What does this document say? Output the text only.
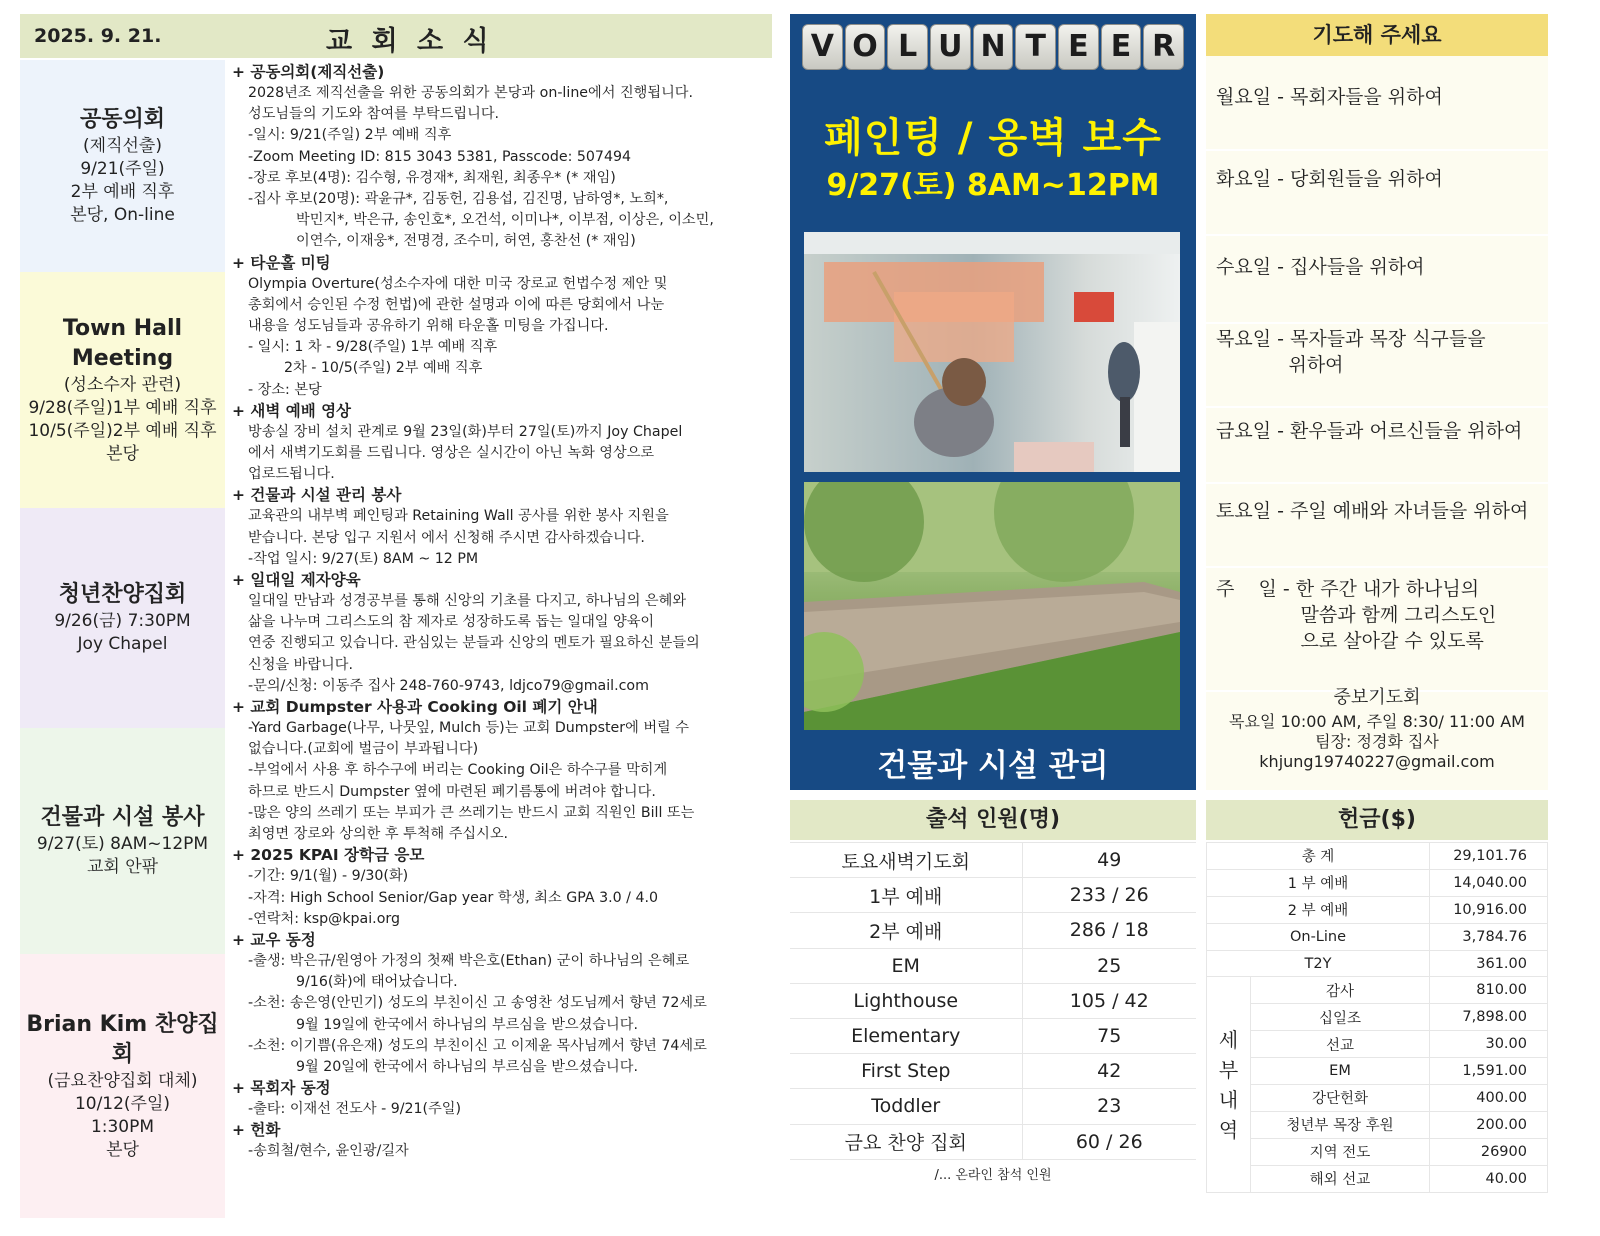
2025. 9. 21.	교 회 소 식
공동의회
(제직선출)
9/21(주일)
2부 예배 직후
본당, On-line
Town Hall Meeting
(성소수자 관련)
9/28(주일)1부 예배 직후
10/5(주일)2부 예배 직후
본당
청년찬양집회
9/26(금) 7:30PM
Joy Chapel
건물과 시설 봉사
9/27(토) 8AM~12PM
교회 안팎
Brian Kim 찬양집회
(금요찬양집회 대체)
10/12(주일)
1:30PM
본당
+ 공동의회(제직선출)
2028년조 제직선출을 위한 공동의회가 본당과 on-line에서 진행됩니다.
성도님들의 기도와 참여를 부탁드립니다.
-일시: 9/21(주일) 2부 예배 직후
-Zoom Meeting ID: 815 3043 5381, Passcode: 507494
-장로 후보(4명): 김수형, 유경재*, 최재원, 최종우* (* 재임)
-집사 후보(20명): 곽윤규*, 김동헌, 김용섭, 김진명, 남하영*, 노희*,
박민지*, 박은규, 송인호*, 오건석, 이미나*, 이부점, 이상은, 이소민,
이연수, 이재웅*, 전명경, 조수미, 허연, 홍찬선 (* 재임)
+ 타운홀 미팅
Olympia Overture(성소수자에 대한 미국 장로교 헌법수정 제안 및
총회에서 승인된 수정 헌법)에 관한 설명과 이에 따른 당회에서 나눈
내용을 성도님들과 공유하기 위해 타운홀 미팅을 가집니다.
- 일시: 1 차 - 9/28(주일) 1부 예배 직후
2차 - 10/5(주일) 2부 예배 직후
- 장소: 본당
+ 새벽 예배 영상
방송실 장비 설치 관계로 9월 23일(화)부터 27일(토)까지 Joy Chapel
에서 새벽기도회를 드립니다. 영상은 실시간이 아닌 녹화 영상으로
업로드됩니다.
+ 건물과 시설 관리 봉사
교육관의 내부벽 페인팅과 Retaining Wall 공사를 위한 봉사 지원을
받습니다. 본당 입구 지원서 에서 신청해 주시면 감사하겠습니다.
-작업 일시: 9/27(토) 8AM ~ 12 PM
+ 일대일 제자양육
일대일 만남과 성경공부를 통해 신앙의 기초를 다지고, 하나님의 은혜와
삶을 나누며 그리스도의 참 제자로 성장하도록 돕는 일대일 양육이
연중 진행되고 있습니다. 관심있는 분들과 신앙의 멘토가 필요하신 분들의
신청을 바랍니다.
-문의/신청: 이동주 집사 248-760-9743, ldjco79@gmail.com
+ 교회 Dumpster 사용과 Cooking Oil 폐기 안내
-Yard Garbage(나무, 나뭇잎, Mulch 등)는 교회 Dumpster에 버릴 수
없습니다.(교회에 벌금이 부과됩니다)
-부엌에서 사용 후 하수구에 버리는 Cooking Oil은 하수구를 막히게
하므로 반드시 Dumpster 옆에 마련된 폐기름통에 버려야 합니다.
-많은 양의 쓰레기 또는 부피가 큰 쓰레기는 반드시 교회 직원인 Bill 또는
최영면 장로와 상의한 후 투척해 주십시오.
+ 2025 KPAI 장학금 응모
-기간: 9/1(월) - 9/30(화)
-자격: High School Senior/Gap year 학생, 최소 GPA 3.0 / 4.0
-연락처: ksp@kpai.org
+ 교우 동정
-출생: 박은규/원영아 가정의 첫째 박은호(Ethan) 군이 하나님의 은혜로
9/16(화)에 태어났습니다.
-소천: 송은영(안민기) 성도의 부친이신 고 송영찬 성도님께서 향년 72세로
9월 19일에 한국에서 하나님의 부르심을 받으셨습니다.
-소천: 이기쁨(유은재) 성도의 부친이신 고 이제윤 목사님께서 향년 74세로
9월 20일에 한국에서 하나님의 부르심을 받으셨습니다.
+ 목회자 동정
-출타: 이재선 전도사 - 9/21(주일)
+ 헌화
-송희철/현수, 윤인광/길자
V O L U N T E E R
페인팅 / 옹벽 보수
9/27(토) 8AM~12PM
건물과 시설 관리
출석 인원(명)
토요새벽기도회	49
1부 예배	233 / 26
2부 예배	286 / 18
EM	25
Lighthouse	105 / 42
Elementary	75
First Step	42
Toddler	23
금요 찬양 집회	60 / 26
/... 온라인 참석 인원
기도해 주세요
월요일 - 목회자들을 위하여
화요일 - 당회원들을 위하여
수요일 - 집사들을 위하여
목요일 - 목자들과 목장 식구들을
위하여
금요일 - 환우들과 어르신들을 위하여
토요일 - 주일 예배와 자녀들을 위하여
주    일 - 한 주간 내가 하나님의
말씀과 함께 그리스도인
으로 살아갈 수 있도록
중보기도회
목요일 10:00 AM, 주일 8:30/ 11:00 AM
팀장: 정경화 집사
khjung19740227@gmail.com
헌금($)
총 계		29,101.76
1 부 예배		14,040.00
2 부 예배		10,916.00
On-Line		3,784.76
T2Y		361.00

세
부
내
역	감사	810.00
	십일조	7,898.00
	선교	30.00
	EM	1,591.00
	강단헌화	400.00
	청년부 목장 후원	200.00
	지역 전도	26900
	해외 선교	40.00
